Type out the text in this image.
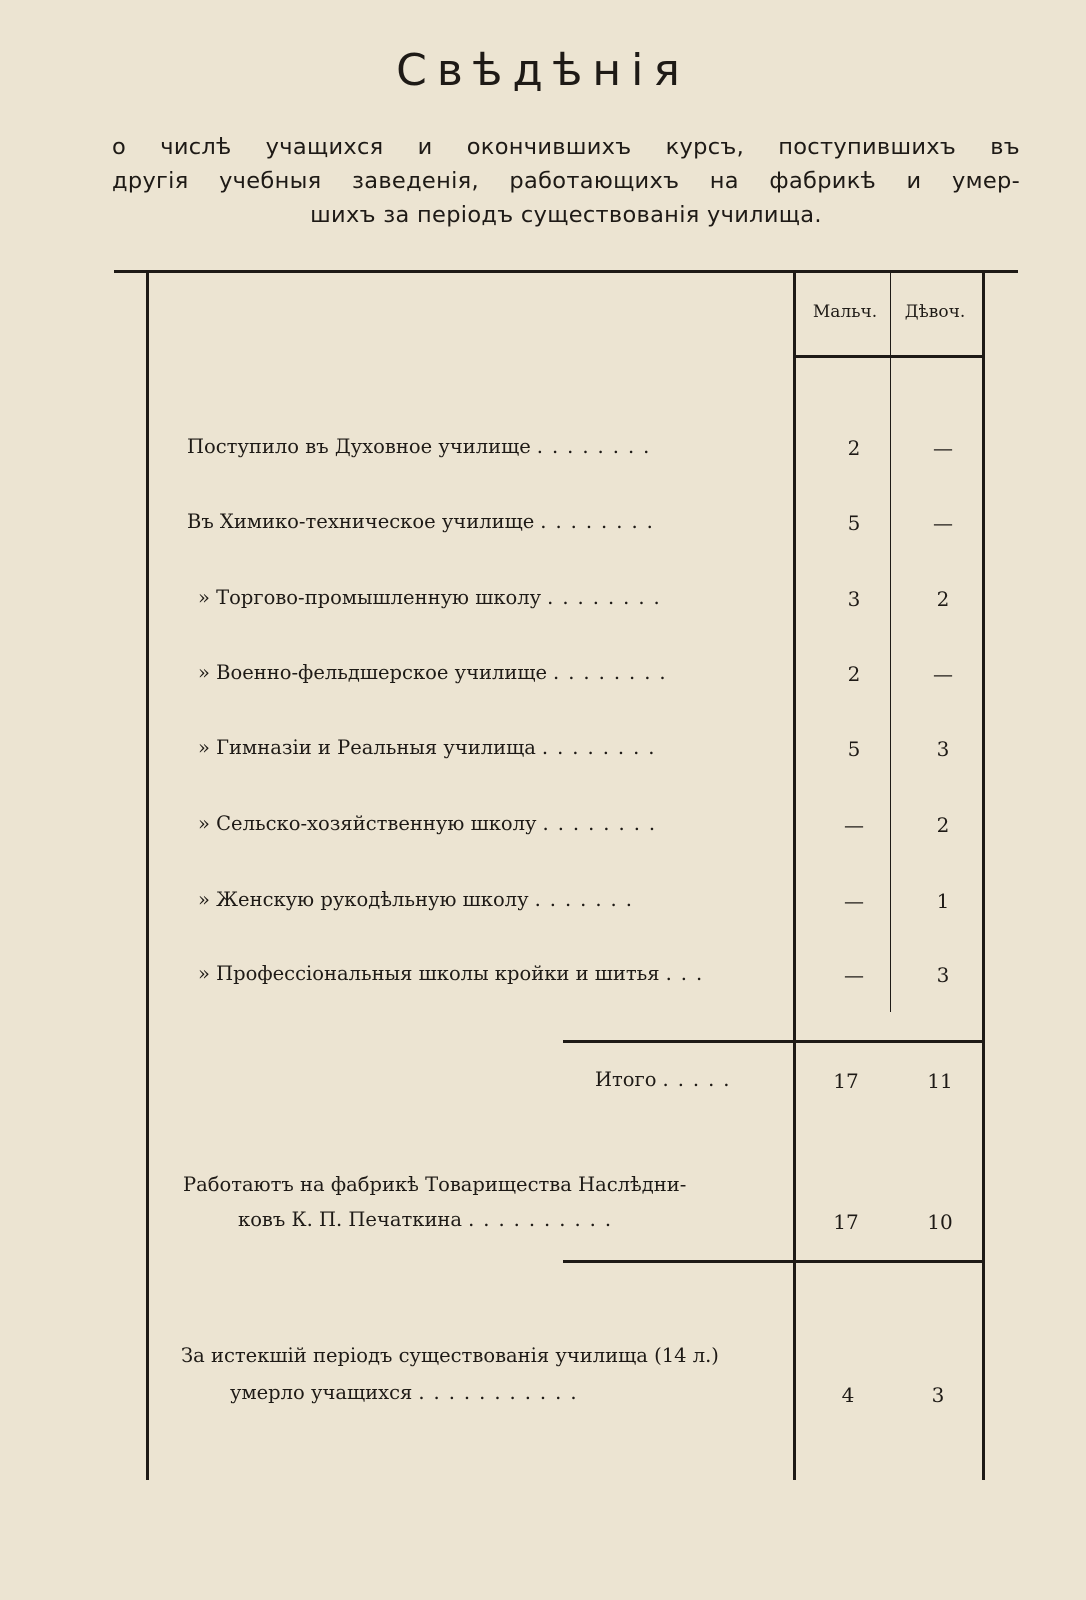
Свѣдѣнія
о числѣ учащихся и окончившихъ курсъ, поступившихъ въ
другія учебныя заведенія, работающихъ на фабрикѣ и умер-
шихъ за періодъ существованія училища.
Мальч.	Дѣвоч.
Поступило въ Духовное училище ........	2	—
Въ Химико-техническое училище ........	5	—
» Торгово-промышленную школу ........	3	2
» Военно-фельдшерское училище ........	2	—
» Гимназіи и Реальныя училища ........	5	3
» Сельско-хозяйственную школу ........	—	2
» Женскую рукодѣльную школу .......	—	1
» Профессіональныя школы кройки и шитья ...	—	3
Итого .....	17	11
Работаютъ на фабрикѣ Товарищества Наслѣдни-
ковъ К. П. Печаткина ..........	17	10
За истекшій періодъ существованія училища (14 л.)
умерло учащихся ...........	4	3
